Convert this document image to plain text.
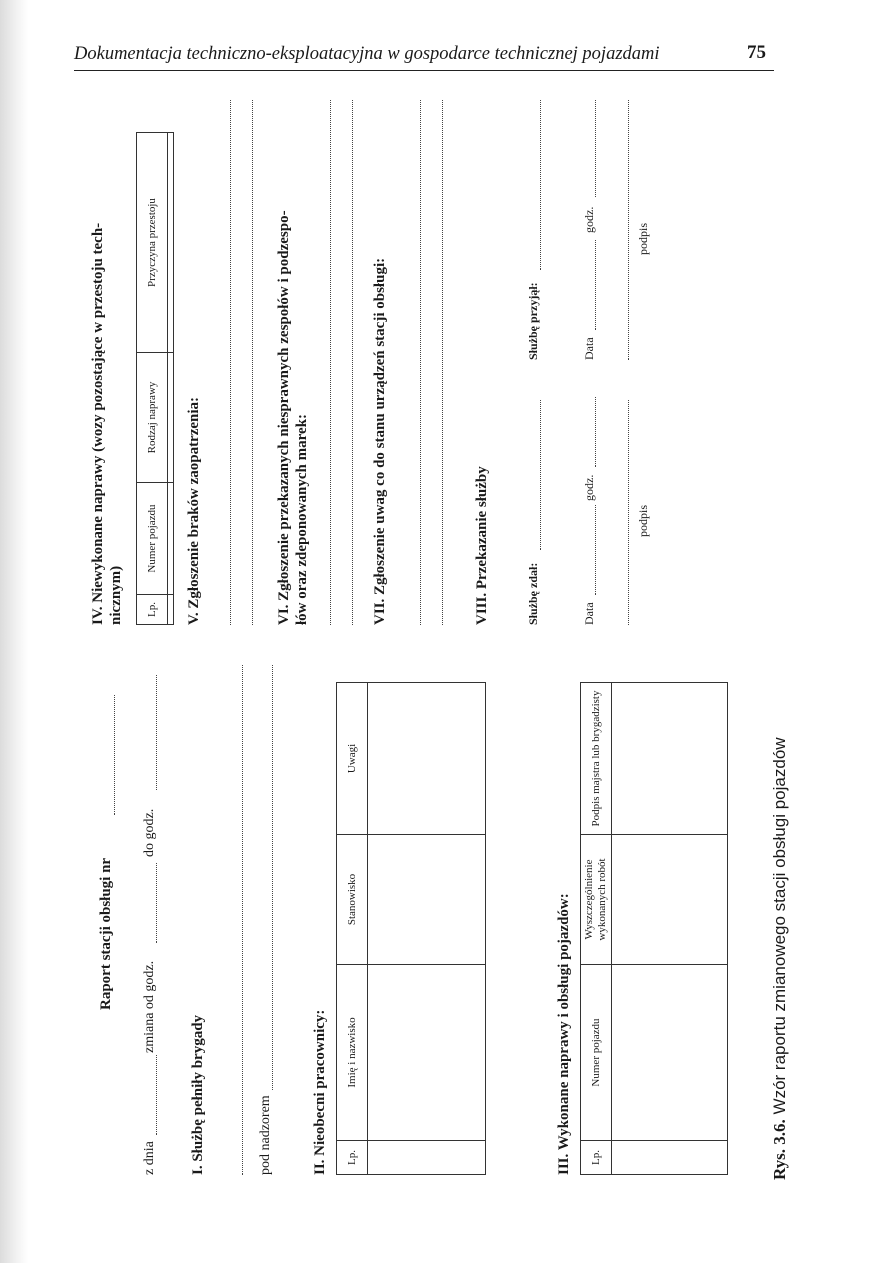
Dokumentacja techniczno-eksploatacyjna w gospodarce technicznej pojazdami	75
Raport stacji obsługi nr
z dnia
zmiana od godz.
do godz.
I. Służbę pełniły brygady	pod nadzorem	II. Nieobecni pracownicy: Lp.	Imię i nazwisko	Stanowisko	Uwagi

III. Wykonane naprawy i obsługi pojazdów: Lp.	Numer pojazdu	Wyszczególnienie wykonanych robót	Podpis majstra lub brygadzisty

IV. Niewykonane naprawy (wozy pozostające w przestoju tech- nicznym) Lp.	Numer pojazdu	Rodzaj naprawy	Przyczyna przestoju

V. Zgłoszenie braków zaopatrzenia:	VI. Zgłoszenie przekazanych niesprawnych zespołów i podzespo- łów oraz zdeponowanych marek:	VII. Zgłoszenie uwag co do stanu urządzeń stacji obsługi:	VIII. Przekazanie służby	Służbę zdał:	Data
godz.
podpis
Służbę przyjął:	Data
godz.
podpis
Rys. 3.6. Wzór raportu zmianowego stacji obsługi pojazdów
